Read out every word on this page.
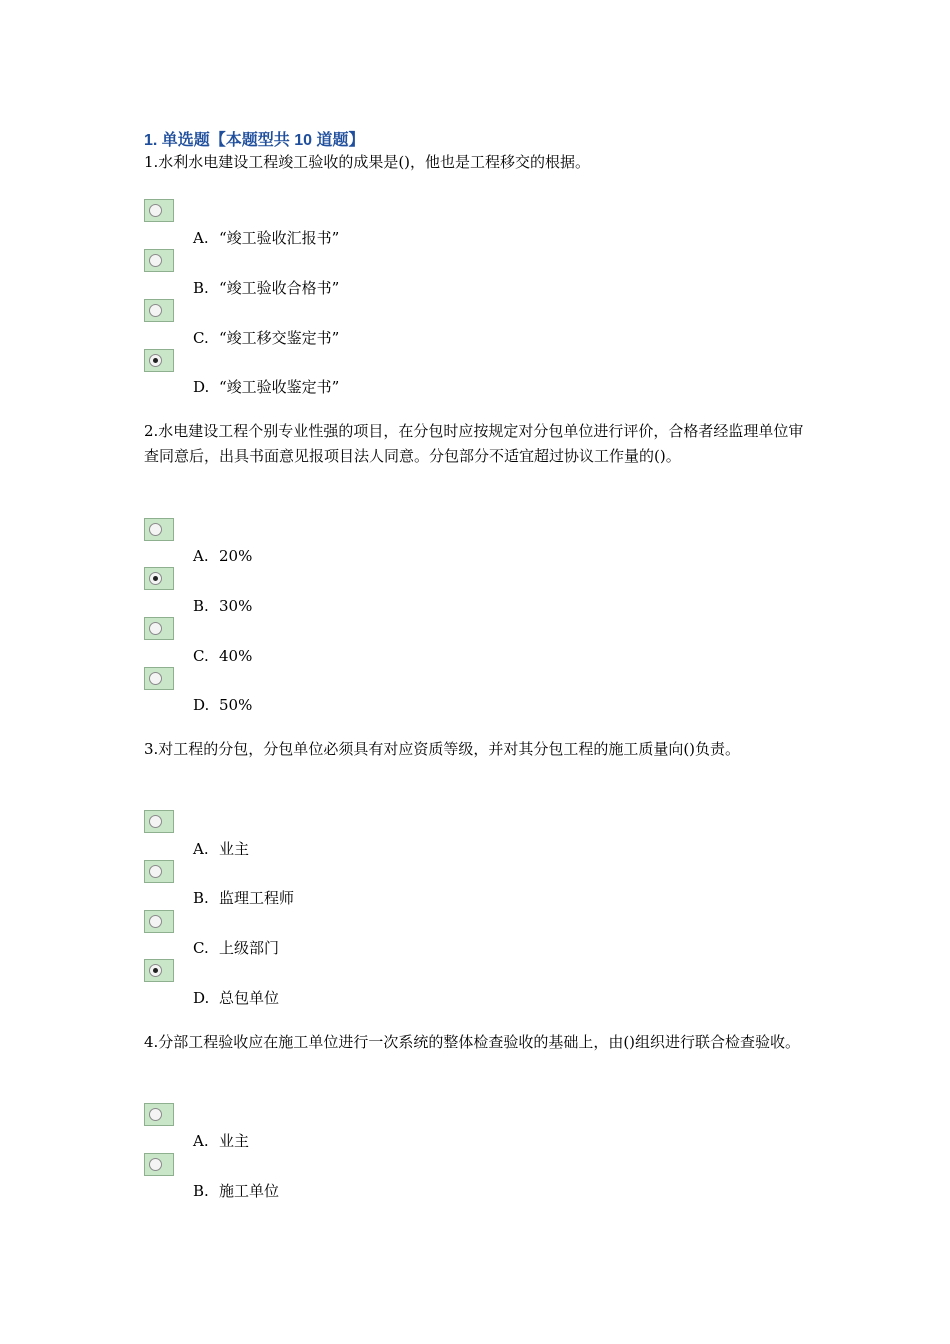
1. 单选题【本题型共 10 道题】
1.水利水电建设工程竣工验收的成果是()，他也是工程移交的根据。
A. “竣工验收汇报书”
B. “竣工验收合格书”
C. “竣工移交鉴定书”
D. “竣工验收鉴定书”
2.水电建设工程个别专业性强的项目，在分包时应按规定对分包单位进行评价，合格者经监理单位审查同意后，出具书面意见报项目法人同意。分包部分不适宜超过协议工作量的()。
A. 20%
B. 30%
C. 40%
D. 50%
3.对工程的分包，分包单位必须具有对应资质等级，并对其分包工程的施工质量向()负责。
A. 业主
B. 监理工程师
C. 上级部门
D. 总包单位
4.分部工程验收应在施工单位进行一次系统的整体检查验收的基础上，由()组织进行联合检查验收。
A. 业主
B. 施工单位
